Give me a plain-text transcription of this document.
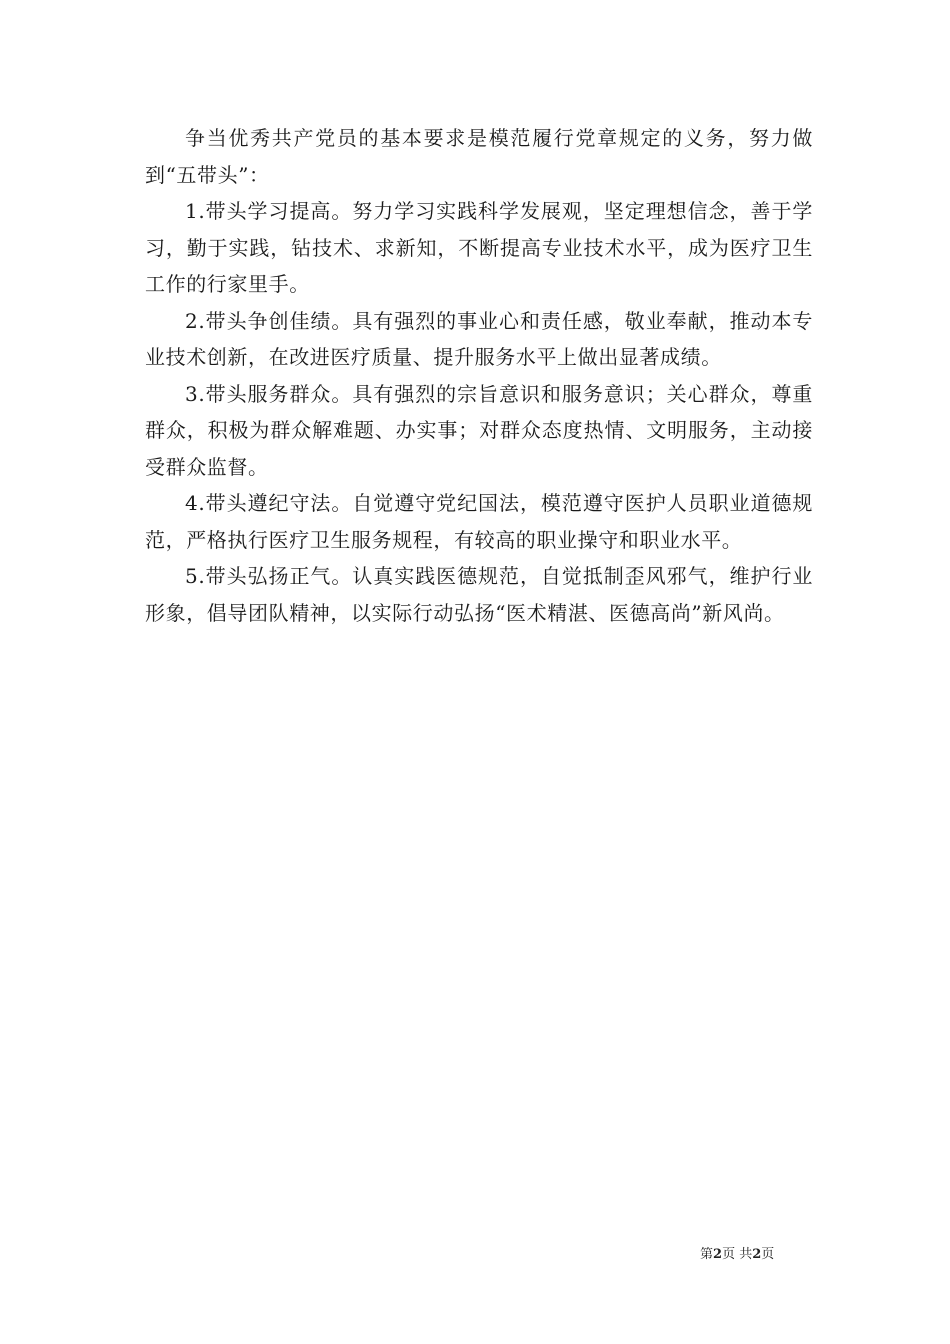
争当优秀共产党员的基本要求是模范履行党章规定的义务，努力做到“五带头”：

1.带头学习提高。努力学习实践科学发展观，坚定理想信念，善于学习，勤于实践，钻技术、求新知，不断提高专业技术水平，成为医疗卫生工作的行家里手。

2.带头争创佳绩。具有强烈的事业心和责任感，敬业奉献，推动本专业技术创新，在改进医疗质量、提升服务水平上做出显著成绩。

3.带头服务群众。具有强烈的宗旨意识和服务意识；关心群众，尊重群众，积极为群众解难题、办实事；对群众态度热情、文明服务，主动接受群众监督。

4.带头遵纪守法。自觉遵守党纪国法，模范遵守医护人员职业道德规范，严格执行医疗卫生服务规程，有较高的职业操守和职业水平。

5.带头弘扬正气。认真实践医德规范，自觉抵制歪风邪气，维护行业形象，倡导团队精神，以实际行动弘扬“医术精湛、医德高尚”新风尚。

第2页 共2页
